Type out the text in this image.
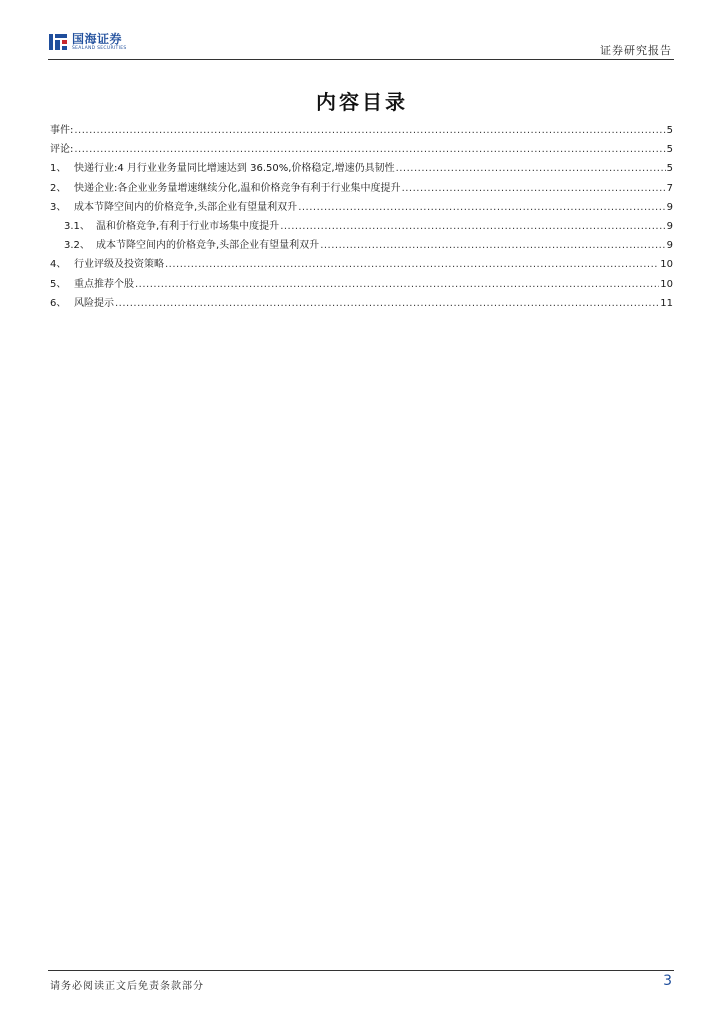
国海证券
SEALAND SECURITIES	证券研究报告
内容目录
事件: .....	5
评论: .....	5
1、 快递行业:4 月行业业务量同比增速达到 36.50%,价格稳定,增速仍具韧性 .....	5
2、 快递企业:各企业业务量增速继续分化,温和价格竞争有利于行业集中度提升 .....	7
3、 成本节降空间内的价格竞争,头部企业有望量利双升 .....	9
3.1、 温和价格竞争,有利于行业市场集中度提升 .....	9
3.2、 成本节降空间内的价格竞争,头部企业有望量利双升 .....	9
4、 行业评级及投资策略 .....	10
5、 重点推荐个股 .....	10
6、 风险提示 .....	11
请务必阅读正文后免责条款部分	3
